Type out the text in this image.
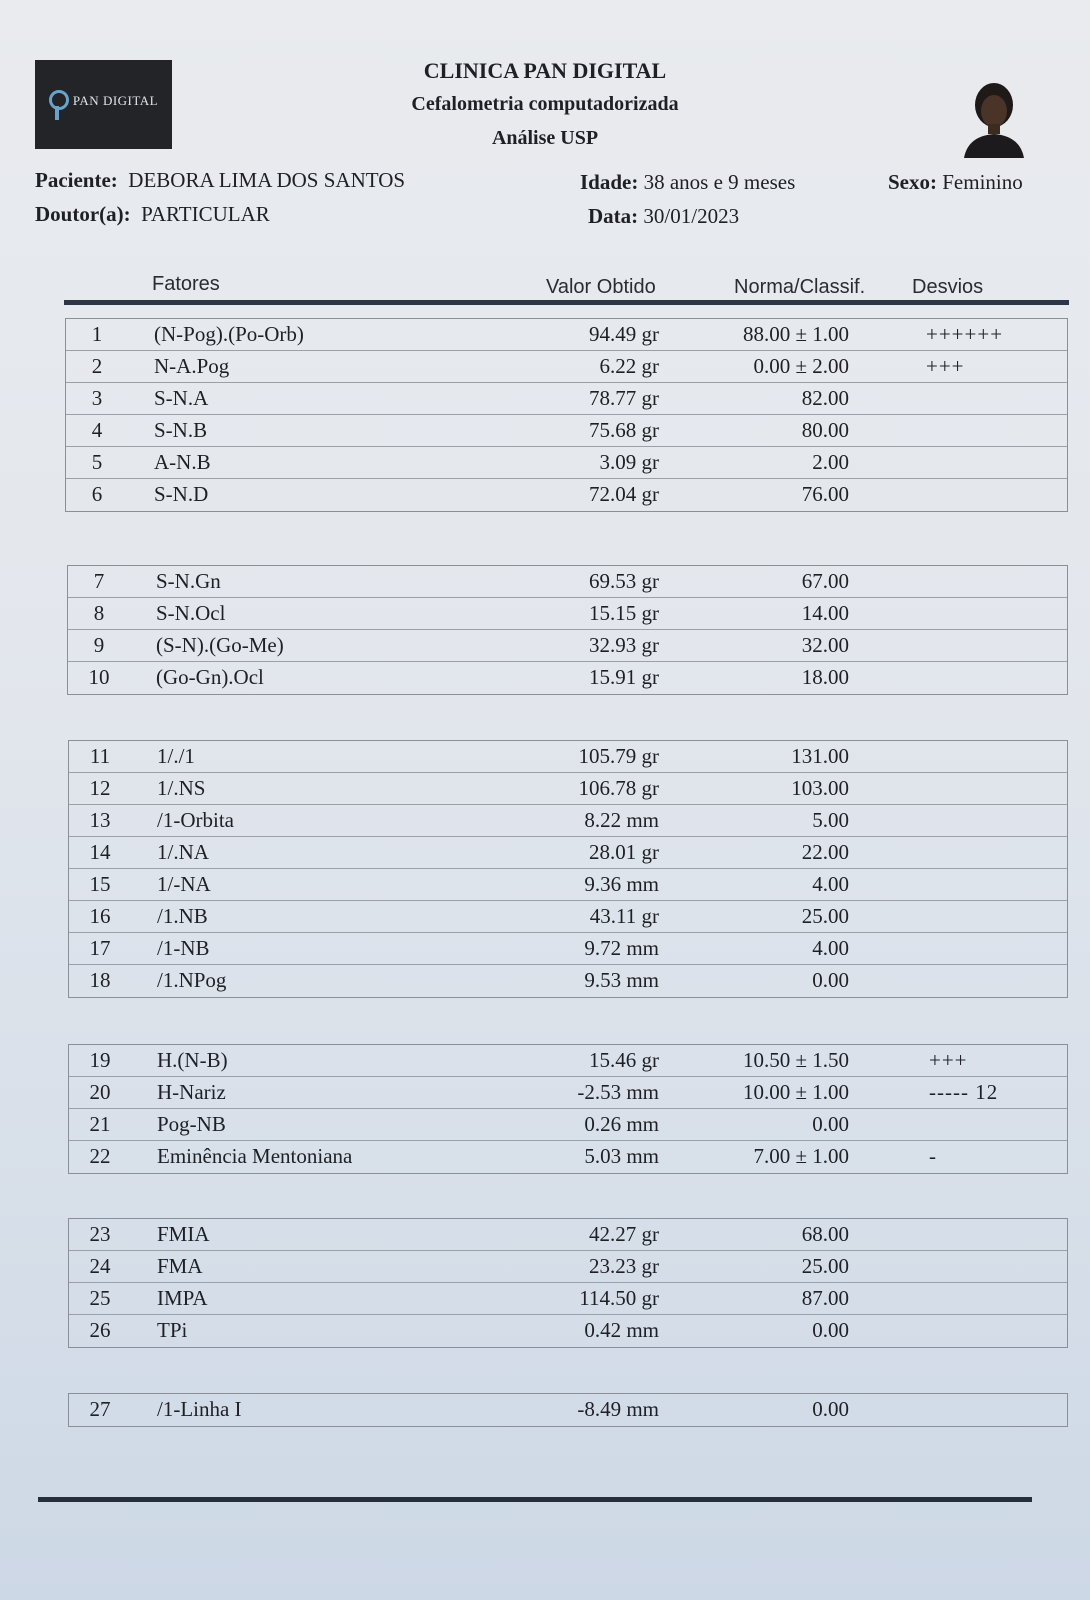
PAN DIGITAL

CLINICA PAN DIGITAL
Cefalometria computadorizada
Análise USP
Paciente: DEBORA LIMA DOS SANTOS	Idade: 38 anos e 9 meses	Sexo: Feminino
Doutor(a): PARTICULAR	Data: 30/01/2023
Fatores	Valor Obtido	Norma/Classif. Desvios
1	(N-Pog).(Po-Orb)	94.49 gr	88.00 ± 1.00	++++++
2	N-A.Pog	6.22 gr	0.00 ± 2.00	+++
3	S-N.A	78.77 gr	82.00
4	S-N.B	75.68 gr	80.00
5	A-N.B	3.09 gr	2.00
6	S-N.D	72.04 gr	76.00
7	S-N.Gn	69.53 gr	67.00
8	S-N.Ocl	15.15 gr	14.00
9	(S-N).(Go-Me)	32.93 gr	32.00
10	(Go-Gn).Ocl	15.91 gr	18.00
11	1/./1	105.79 gr	131.00
12	1/.NS	106.78 gr	103.00
13	/1-Orbita	8.22 mm	5.00
14	1/.NA	28.01 gr	22.00
15	1/-NA	9.36 mm	4.00
16	/1.NB	43.11 gr	25.00
17	/1-NB	9.72 mm	4.00
18	/1.NPog	9.53 mm	0.00
19	H.(N-B)	15.46 gr	10.50 ± 1.50	+++
20	H-Nariz	-2.53 mm	10.00 ± 1.00	----- 12
21	Pog-NB	0.26 mm	0.00
22	Eminência Mentoniana	5.03 mm	7.00 ± 1.00	-
23	FMIA	42.27 gr	68.00
24	FMA	23.23 gr	25.00
25	IMPA	114.50 gr	87.00
26	TPi	0.42 mm	0.00
27	/1-Linha I	-8.49 mm	0.00
